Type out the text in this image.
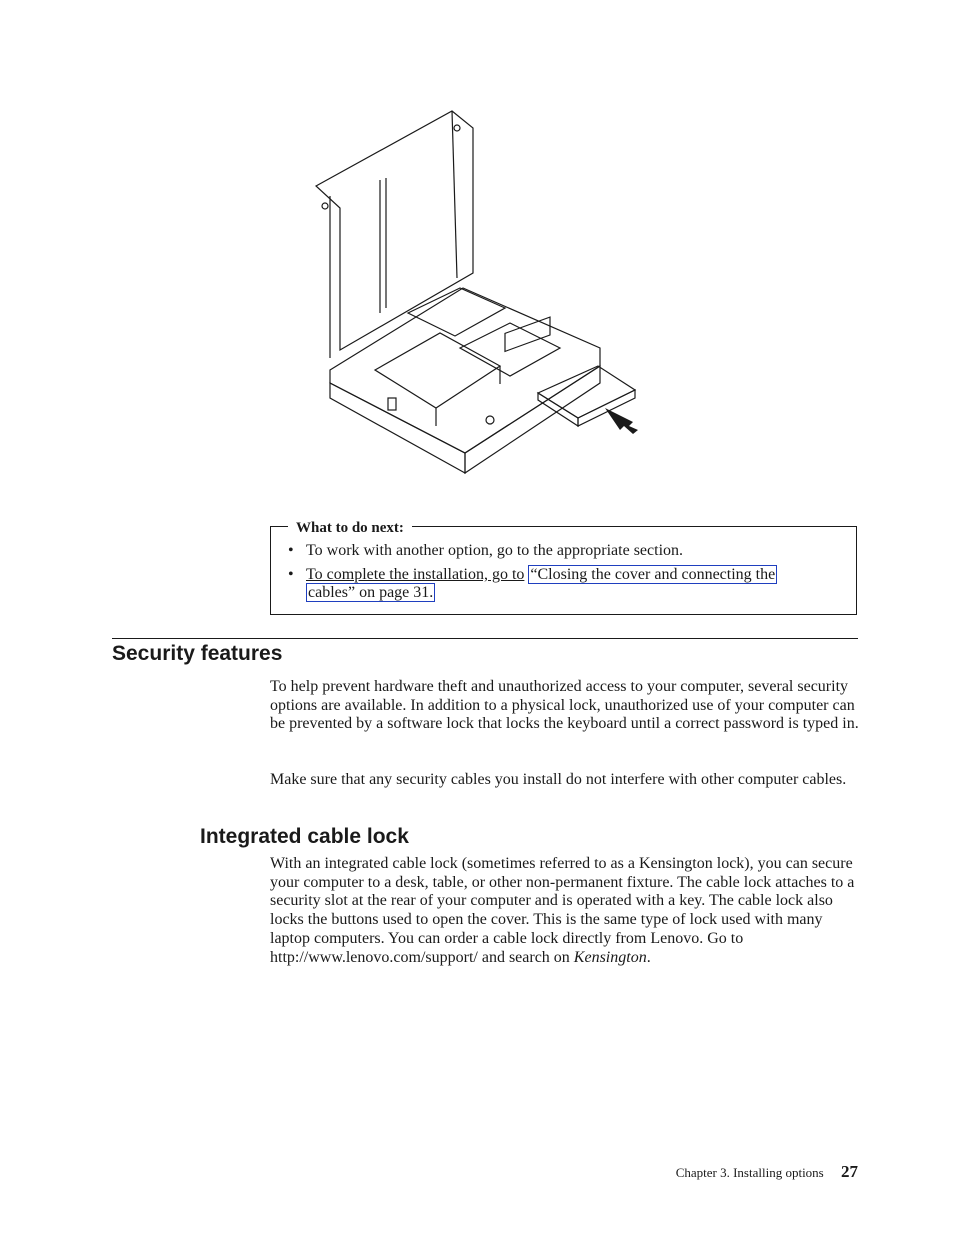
What to do next:
• To work with another option, go to the appropriate section.
• To complete the installation, go to “Closing the cover and connecting the
cables” on page 31.
Security features

To help prevent hardware theft and unauthorized access to your computer, several security options are available. In addition to a physical lock, unauthorized use of your computer can be prevented by a software lock that locks the keyboard until a correct password is typed in.

Make sure that any security cables you install do not interfere with other computer cables.

Integrated cable lock

With an integrated cable lock (sometimes referred to as a Kensington lock), you can secure your computer to a desk, table, or other non-permanent fixture. The cable lock attaches to a security slot at the rear of your computer and is operated with a key. The cable lock also locks the buttons used to open the cover. This is the same type of lock used with many laptop computers. You can order a cable lock directly from Lenovo. Go to http://www.lenovo.com/support/ and search on Kensington.

Chapter 3. Installing options 27
